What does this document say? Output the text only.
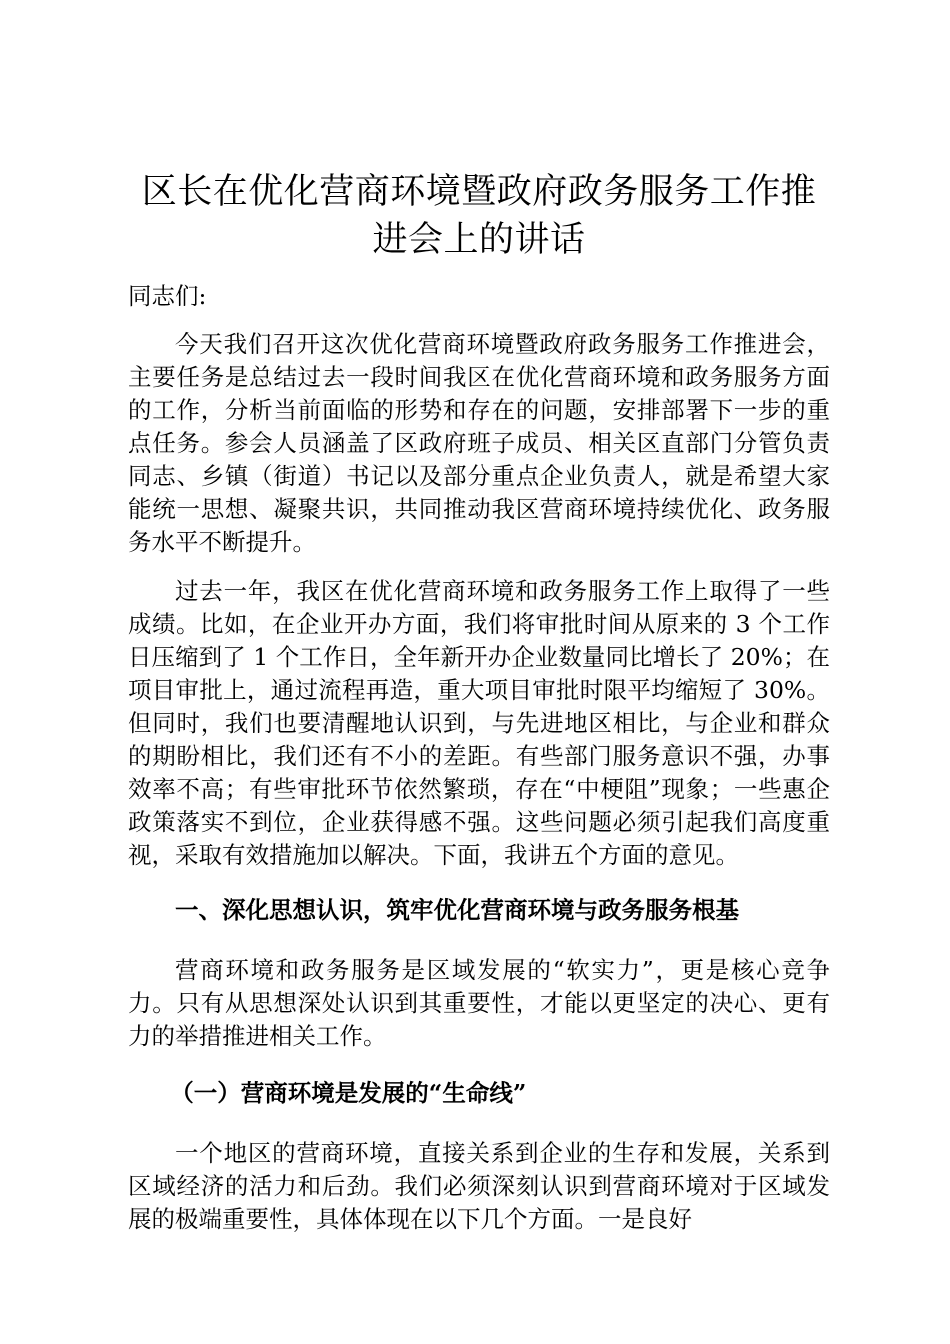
区长在优化营商环境暨政府政务服务工作推进会上的讲话

同志们:

今天我们召开这次优化营商环境暨政府政务服务工作推进会，主要任务是总结过去一段时间我区在优化营商环境和政务服务方面的工作，分析当前面临的形势和存在的问题，安排部署下一步的重点任务。参会人员涵盖了区政府班子成员、相关区直部门分管负责同志、乡镇（街道）书记以及部分重点企业负责人，就是希望大家能统一思想、凝聚共识，共同推动我区营商环境持续优化、政务服务水平不断提升。

过去一年，我区在优化营商环境和政务服务工作上取得了一些成绩。比如，在企业开办方面，我们将审批时间从原来的 3 个工作日压缩到了 1 个工作日，全年新开办企业数量同比增长了 20%；在项目审批上，通过流程再造，重大项目审批时限平均缩短了 30%。但同时，我们也要清醒地认识到，与先进地区相比，与企业和群众的期盼相比，我们还有不小的差距。有些部门服务意识不强，办事效率不高；有些审批环节依然繁琐，存在“中梗阻”现象；一些惠企政策落实不到位，企业获得感不强。这些问题必须引起我们高度重视，采取有效措施加以解决。下面，我讲五个方面的意见。

一、深化思想认识，筑牢优化营商环境与政务服务根基

营商环境和政务服务是区域发展的“软实力”，更是核心竞争力。只有从思想深处认识到其重要性，才能以更坚定的决心、更有力的举措推进相关工作。

（一）营商环境是发展的“生命线”

一个地区的营商环境，直接关系到企业的生存和发展，关系到区域经济的活力和后劲。我们必须深刻认识到营商环境对于区域发展的极端重要性，具体体现在以下几个方面。一是良好
